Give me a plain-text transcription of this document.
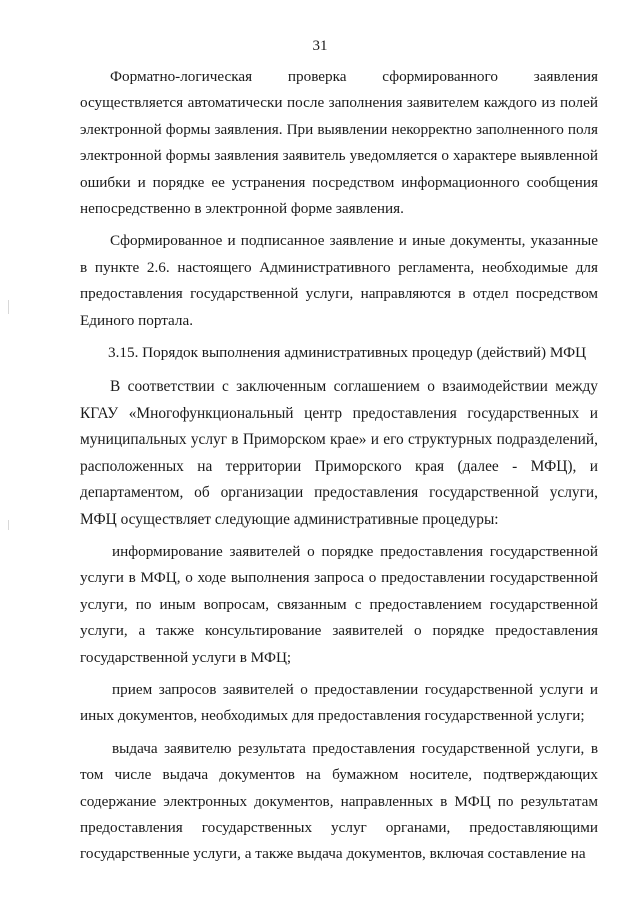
31

Форматно-логическая проверка сформированного заявления осуществляется автоматически после заполнения заявителем каждого из полей электронной формы заявления. При выявлении некорректно заполненного поля электронной формы заявления заявитель уведомляется о характере выявленной ошибки и порядке ее устранения посредством информационного сообщения непосредственно в электронной форме заявления.

Сформированное и подписанное заявление и иные документы, указанные в пункте 2.6. настоящего Административного регламента, необходимые для предоставления государственной услуги, направляются в отдел посредством Единого портала.

3.15. Порядок выполнения административных процедур (действий) МФЦ

В соответствии с заключенным соглашением о взаимодействии между КГАУ «Многофункциональный центр предоставления государственных и муниципальных услуг в Приморском крае» и его структурных подразделений, расположенных на территории Приморского края (далее - МФЦ), и департаментом, об организации предоставления государственной услуги, МФЦ осуществляет следующие административные процедуры:

информирование заявителей о порядке предоставления государственной услуги в МФЦ, о ходе выполнения запроса о предоставлении государственной услуги, по иным вопросам, связанным с предоставлением государственной услуги, а также консультирование заявителей о порядке предоставления государственной услуги в МФЦ;

прием запросов заявителей о предоставлении государственной услуги и иных документов, необходимых для предоставления государственной услуги;

выдача заявителю результата предоставления государственной услуги, в том числе выдача документов на бумажном носителе, подтверждающих содержание электронных документов, направленных в МФЦ по результатам предоставления государственных услуг органами, предоставляющими государственные услуги, а также выдача документов, включая составление на
